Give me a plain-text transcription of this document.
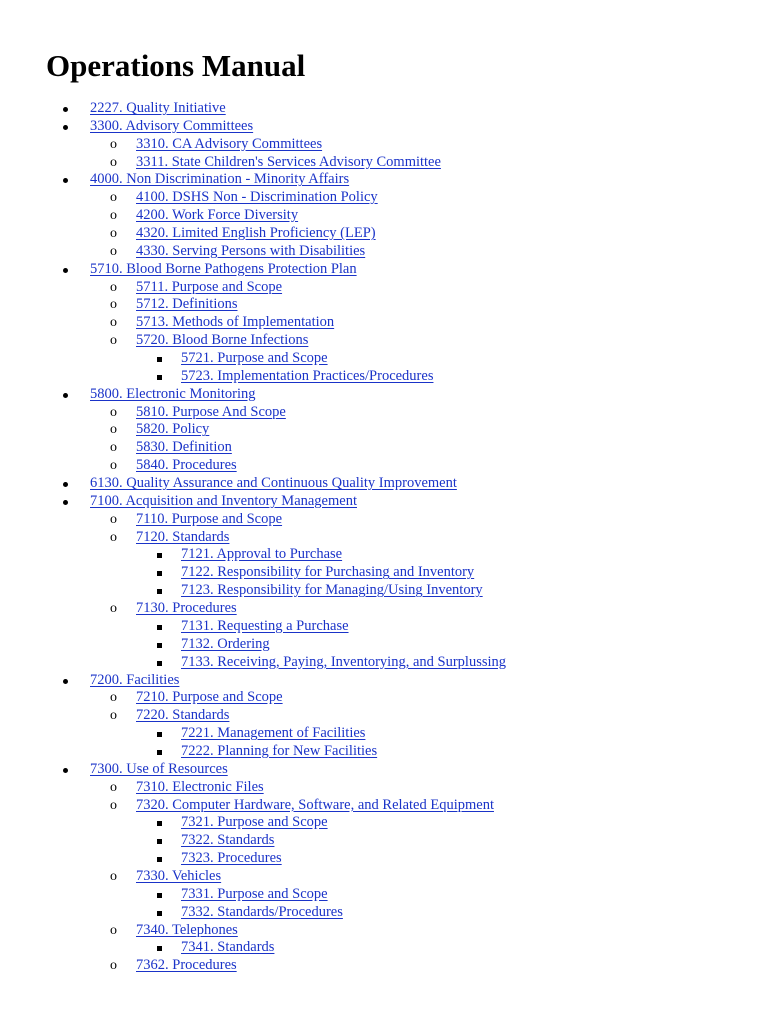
Operations Manual
2227. Quality Initiative
3300. Advisory Committees
o 3310. CA Advisory Committees
o 3311. State Children's Services Advisory Committee
4000. Non Discrimination - Minority Affairs
o 4100. DSHS Non - Discrimination Policy
o 4200. Work Force Diversity
o 4320. Limited English Proficiency (LEP)
o 4330. Serving Persons with Disabilities
5710. Blood Borne Pathogens Protection Plan
o 5711. Purpose and Scope
o 5712. Definitions
o 5713. Methods of Implementation
o 5720. Blood Borne Infections
5721. Purpose and Scope
5723. Implementation Practices/Procedures
5800. Electronic Monitoring
o 5810. Purpose And Scope
o 5820. Policy
o 5830. Definition
o 5840. Procedures
6130. Quality Assurance and Continuous Quality Improvement
7100. Acquisition and Inventory Management
o 7110. Purpose and Scope
o 7120. Standards
7121. Approval to Purchase
7122. Responsibility for Purchasing and Inventory
7123. Responsibility for Managing/Using Inventory
o 7130. Procedures
7131. Requesting a Purchase
7132. Ordering
7133. Receiving, Paying, Inventorying, and Surplussing
7200. Facilities
o 7210. Purpose and Scope
o 7220. Standards
7221. Management of Facilities
7222. Planning for New Facilities
7300. Use of Resources
o 7310. Electronic Files
o 7320. Computer Hardware, Software, and Related Equipment
7321. Purpose and Scope
7322. Standards
7323. Procedures
o 7330. Vehicles
7331. Purpose and Scope
7332. Standards/Procedures
o 7340. Telephones
7341. Standards
o 7362. Procedures
